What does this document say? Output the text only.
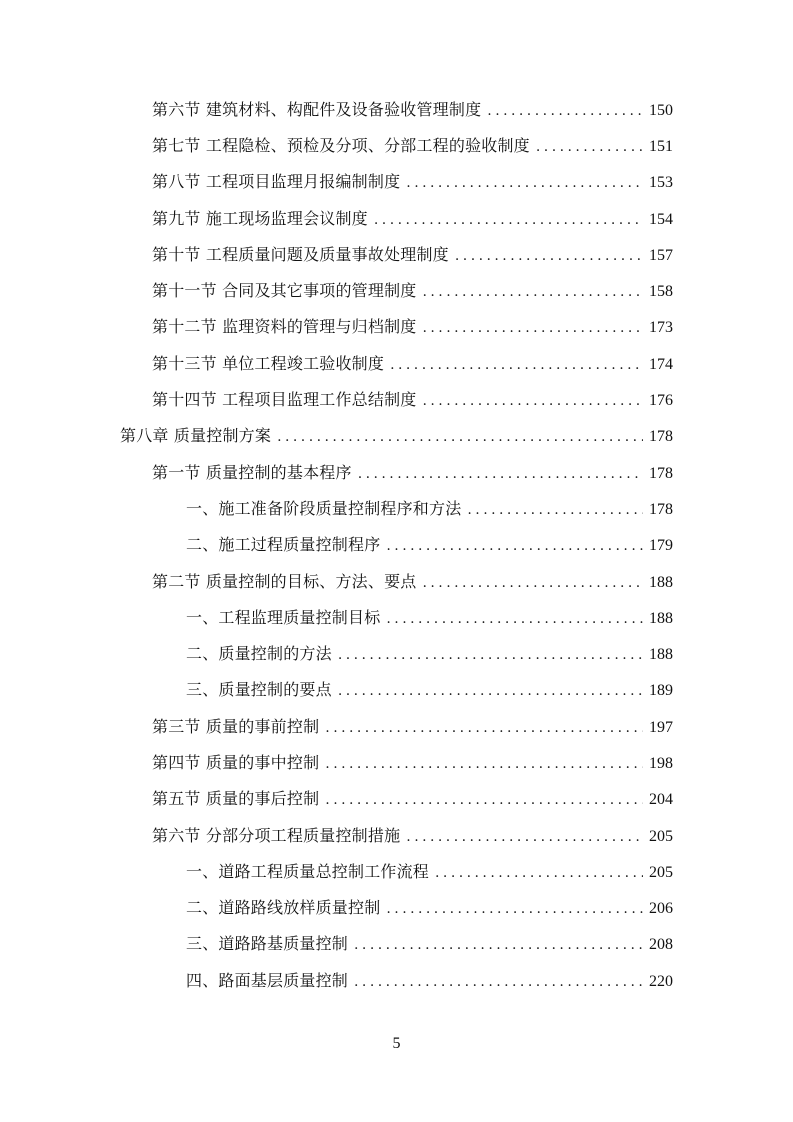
第六节 建筑材料、构配件及设备验收管理制度 . . .	150
第七节 工程隐检、预检及分项、分部工程的验收制度 . . .	151
第八节 工程项目监理月报编制制度 . . .	153
第九节 施工现场监理会议制度 . . .	154
第十节 工程质量问题及质量事故处理制度 . . .	157
第十一节 合同及其它事项的管理制度 . . .	158
第十二节 监理资料的管理与归档制度 . . .	173
第十三节 单位工程竣工验收制度 . . .	174
第十四节 工程项目监理工作总结制度 . . .	176
第八章 质量控制方案 . . .	178
第一节 质量控制的基本程序 . . .	178
一、施工准备阶段质量控制程序和方法 . . .	178
二、施工过程质量控制程序 . . .	179
第二节 质量控制的目标、方法、要点 . . .	188
一、工程监理质量控制目标 . . .	188
二、质量控制的方法 . . .	188
三、质量控制的要点 . . .	189
第三节 质量的事前控制 . . .	197
第四节 质量的事中控制 . . .	198
第五节 质量的事后控制 . . .	204
第六节 分部分项工程质量控制措施 . . .	205
一、道路工程质量总控制工作流程 . . .	205
二、道路路线放样质量控制 . . .	206
三、道路路基质量控制 . . .	208
四、路面基层质量控制 . . .	220
5
